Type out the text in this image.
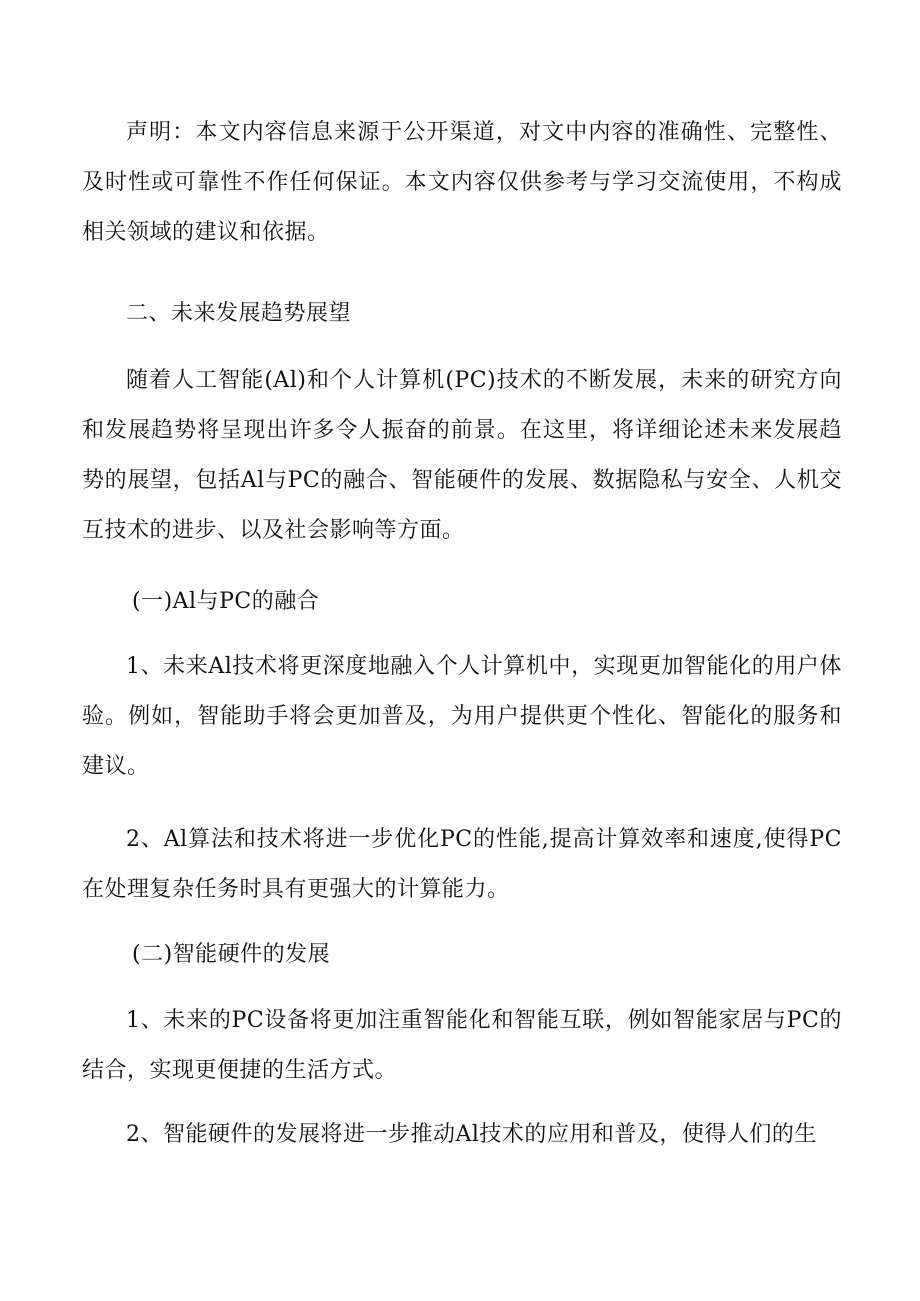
声明：本文内容信息来源于公开渠道，对文中内容的准确性、完整性、及时性或可靠性不作任何保证。本文内容仅供参考与学习交流使用，不构成相关领域的建议和依据。

二、未来发展趋势展望

随着人工智能(Al)和个人计算机(PC)技术的不断发展，未来的研究方向和发展趋势将呈现出许多令人振奋的前景。在这里，将详细论述未来发展趋势的展望，包括Al与PC的融合、智能硬件的发展、数据隐私与安全、人机交互技术的进步、以及社会影响等方面。

(一)Al与PC的融合

1、未来Al技术将更深度地融入个人计算机中，实现更加智能化的用户体验。例如，智能助手将会更加普及，为用户提供更个性化、智能化的服务和建议。

2、Al算法和技术将进一步优化PC的性能,提高计算效率和速度,使得PC在处理复杂任务时具有更强大的计算能力。

(二)智能硬件的发展

1、未来的PC设备将更加注重智能化和智能互联，例如智能家居与PC的结合，实现更便捷的生活方式。

2、智能硬件的发展将进一步推动Al技术的应用和普及，使得人们的生
